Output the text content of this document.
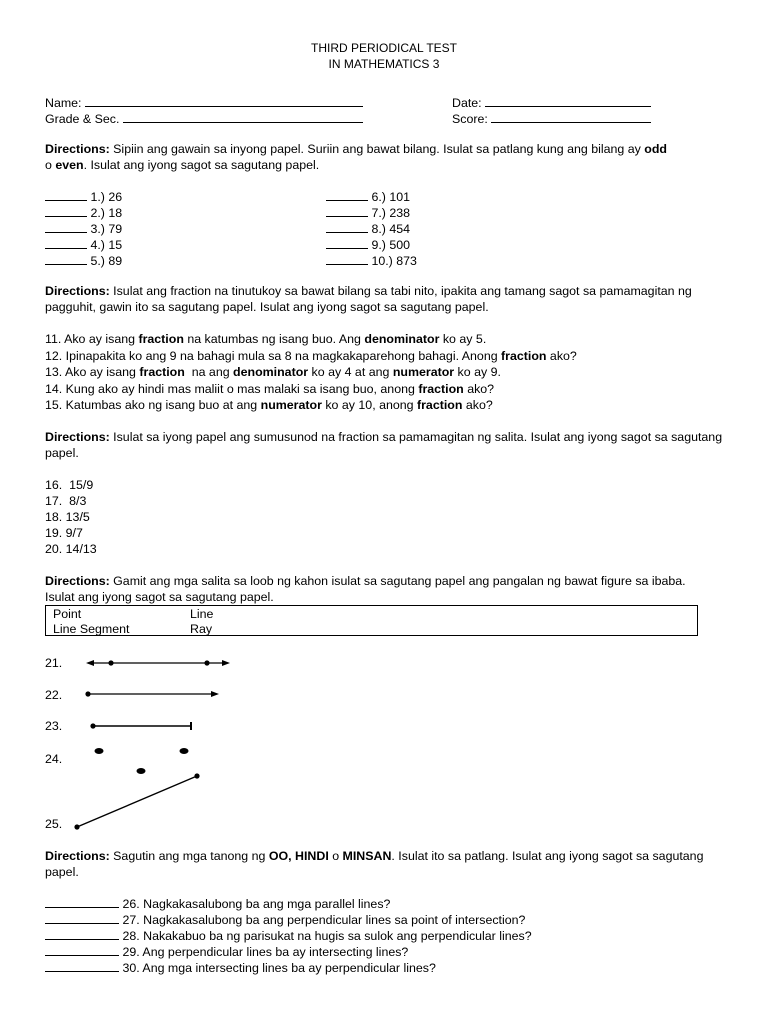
THIRD PERIODICAL TEST
IN MATHEMATICS 3
Name:
Grade & Sec.
Date:
Score:
Directions: Sipiin ang gawain sa inyong papel. Suriin ang bawat bilang. Isulat sa patlang kung ang bilang ay odd
o even. Isulat ang iyong sagot sa sagutang papel.
1.) 26
2.) 18
3.) 79
4.) 15
5.) 89
6.) 101
7.) 238
8.) 454
9.) 500
10.) 873
Directions: Isulat ang fraction na tinutukoy sa bawat bilang sa tabi nito, ipakita ang tamang sagot sa pamamagitan ng pagguhit, gawin ito sa sagutang papel. Isulat ang iyong sagot sa sagutang papel.
11. Ako ay isang fraction na katumbas ng isang buo. Ang denominator ko ay 5.
12. Ipinapakita ko ang 9 na bahagi mula sa 8 na magkakaparehong bahagi. Anong fraction ako?
13. Ako ay isang fraction  na ang denominator ko ay 4 at ang numerator ko ay 9.
14. Kung ako ay hindi mas maliit o mas malaki sa isang buo, anong fraction ako?
15. Katumbas ako ng isang buo at ang numerator ko ay 10, anong fraction ako?
Directions: Isulat sa iyong papel ang sumusunod na fraction sa pamamagitan ng salita. Isulat ang iyong sagot sa sagutang papel.
16.  15/9
17.  8/3
18. 13/5
19. 9/7
20. 14/13
Directions: Gamit ang mga salita sa loob ng kahon isulat sa sagutang papel ang pangalan ng bawat figure sa ibaba. Isulat ang iyong sagot sa sagutang papel.
Point	Line
Line Segment	Ray
21.
22.
23.
24.
25.
Directions: Sagutin ang mga tanong ng OO, HINDI o MINSAN. Isulat ito sa patlang. Isulat ang iyong sagot sa sagutang papel.
26. Nagkakasalubong ba ang mga parallel lines?
27. Nagkakasalubong ba ang perpendicular lines sa point of intersection?
28. Nakakabuo ba ng parisukat na hugis sa sulok ang perpendicular lines?
29. Ang perpendicular lines ba ay intersecting lines?
30. Ang mga intersecting lines ba ay perpendicular lines?
